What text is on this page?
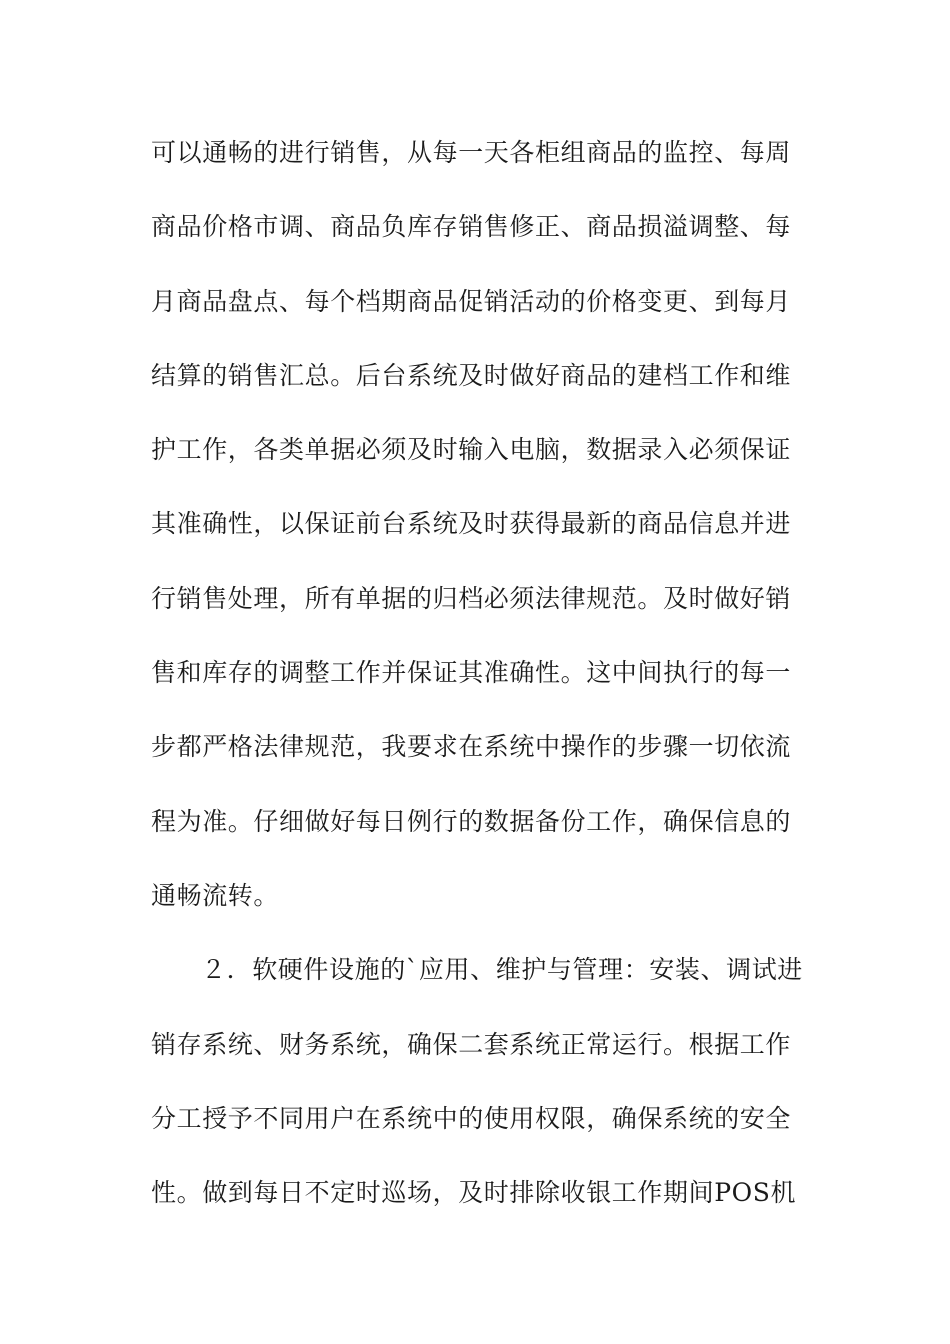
可以通畅的进行销售，从每一天各柜组商品的监控、每周
商品价格市调、商品负库存销售修正、商品损溢调整、每
月商品盘点、每个档期商品促销活动的价格变更、到每月
结算的销售汇总。后台系统及时做好商品的建档工作和维
护工作，各类单据必须及时输入电脑，数据录入必须保证
其准确性，以保证前台系统及时获得最新的商品信息并进
行销售处理，所有单据的归档必须法律规范。及时做好销
售和库存的调整工作并保证其准确性。这中间执行的每一
步都严格法律规范，我要求在系统中操作的步骤一切依流
程为准。仔细做好每日例行的数据备份工作，确保信息的
通畅流转。
２．软硬件设施的`应用、维护与管理：安装、调试进
销存系统、财务系统，确保二套系统正常运行。根据工作
分工授予不同用户在系统中的使用权限，确保系统的安全
性。做到每日不定时巡场，及时排除收银工作期间POS机
